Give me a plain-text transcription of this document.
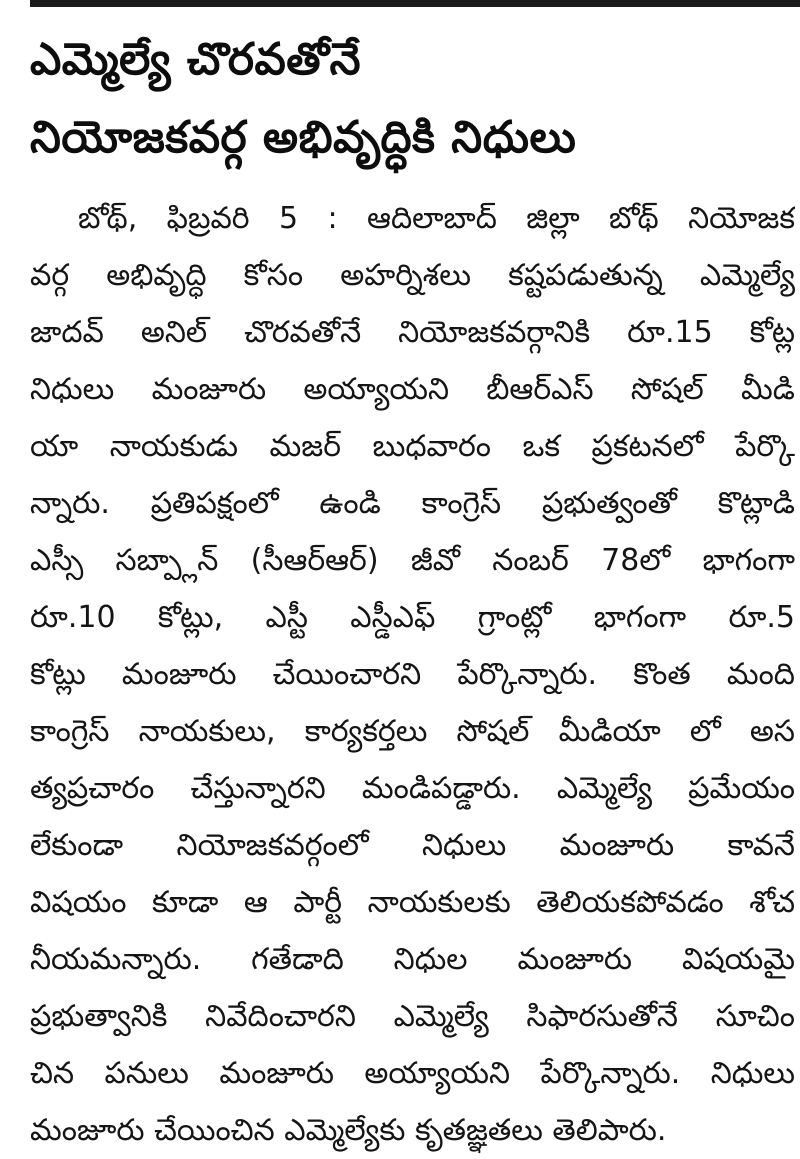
ఎమ్మెల్యే చొరవతోనే
నియోజకవర్గ అభివృద్ధికి నిధులు
బోథ్, ఫిబ్రవరి 5 : ఆదిలాబాద్ జిల్లా బోథ్ నియోజక
వర్గ అభివృద్ధి కోసం అహర్నిశలు కష్టపడుతున్న ఎమ్మెల్యే
జాదవ్ అనిల్ చొరవతోనే నియోజకవర్గానికి రూ.15 కోట్ల
నిధులు మంజూరు అయ్యాయని బీఆర్ఎస్ సోషల్ మీడి
యా నాయకుడు మజర్ బుధవారం ఒక ప్రకటనలో పేర్కొ
న్నారు. ప్రతిపక్షంలో ఉండి కాంగ్రెస్ ప్రభుత్వంతో కొట్లాడి
ఎస్సీ సబ్ప్లాన్ (సీఆర్ఆర్) జీవో నంబర్ 78లో భాగంగా
రూ.10 కోట్లు, ఎస్టీ ఎస్డీఎఫ్ గ్రాంట్లో భాగంగా రూ.5
కోట్లు మంజూరు చేయించారని పేర్కొన్నారు. కొంత మంది
కాంగ్రెస్ నాయకులు, కార్యకర్తలు సోషల్ మీడియా లో అస
త్యప్రచారం చేస్తున్నారని మండిపడ్డారు. ఎమ్మెల్యే ప్రమేయం
లేకుండా నియోజకవర్గంలో నిధులు మంజూరు కావనే
విషయం కూడా ఆ పార్టీ నాయకులకు తెలియకపోవడం శోచ
నీయమన్నారు. గతేడాది నిధుల మంజూరు విషయమై
ప్రభుత్వానికి నివేదించారని ఎమ్మెల్యే సిఫారసుతోనే సూచిం
చిన పనులు మంజూరు అయ్యాయని పేర్కొన్నారు. నిధులు
మంజూరు చేయించిన ఎమ్మెల్యేకు కృతజ్ఞతలు తెలిపారు.
